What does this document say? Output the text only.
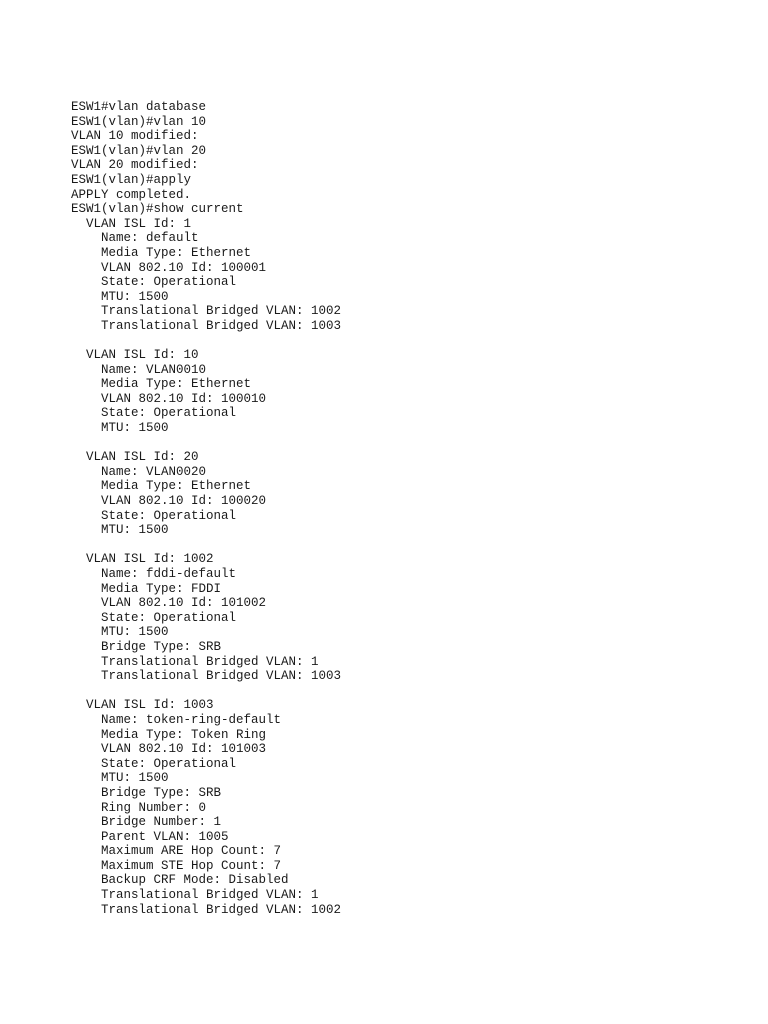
ESW1#vlan database
ESW1(vlan)#vlan 10
VLAN 10 modified:
ESW1(vlan)#vlan 20
VLAN 20 modified:
ESW1(vlan)#apply
APPLY completed.
ESW1(vlan)#show current
VLAN ISL Id: 1
Name: default
Media Type: Ethernet
VLAN 802.10 Id: 100001
State: Operational
MTU: 1500
Translational Bridged VLAN: 1002
Translational Bridged VLAN: 1003
VLAN ISL Id: 10
Name: VLAN0010
Media Type: Ethernet
VLAN 802.10 Id: 100010
State: Operational
MTU: 1500
VLAN ISL Id: 20
Name: VLAN0020
Media Type: Ethernet
VLAN 802.10 Id: 100020
State: Operational
MTU: 1500
VLAN ISL Id: 1002
Name: fddi-default
Media Type: FDDI
VLAN 802.10 Id: 101002
State: Operational
MTU: 1500
Bridge Type: SRB
Translational Bridged VLAN: 1
Translational Bridged VLAN: 1003
VLAN ISL Id: 1003
Name: token-ring-default
Media Type: Token Ring
VLAN 802.10 Id: 101003
State: Operational
MTU: 1500
Bridge Type: SRB
Ring Number: 0
Bridge Number: 1
Parent VLAN: 1005
Maximum ARE Hop Count: 7
Maximum STE Hop Count: 7
Backup CRF Mode: Disabled
Translational Bridged VLAN: 1
Translational Bridged VLAN: 1002
